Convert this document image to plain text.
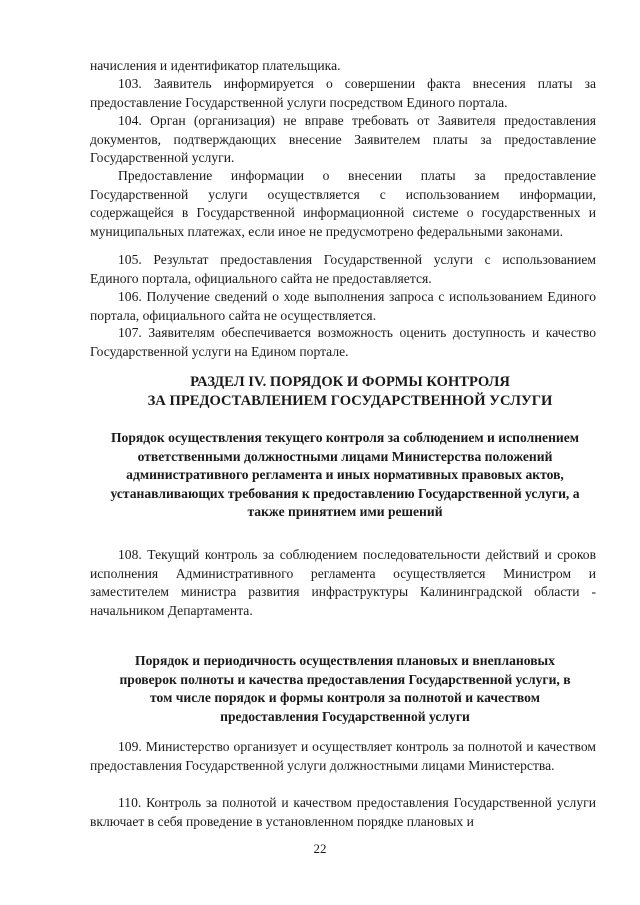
начисления и идентификатор плательщика.

103. Заявитель информируется о совершении факта внесения платы за предоставление Государственной услуги посредством Единого портала.

104. Орган (организация) не вправе требовать от Заявителя предоставления документов, подтверждающих внесение Заявителем платы за предоставление Государственной услуги.

Предоставление информации о внесении платы за предоставление Государственной услуги осуществляется с использованием информации, содержащейся в Государственной информационной системе о государственных и муниципальных платежах, если иное не предусмотрено федеральными законами.

105. Результат предоставления Государственной услуги с использованием Единого портала, официального сайта не предоставляется.

106. Получение сведений о ходе выполнения запроса с использованием Единого портала, официального сайта не осуществляется.

107. Заявителям обеспечивается возможность оценить доступность и качество Государственной услуги на Едином портале.

РАЗДЕЛ IV. ПОРЯДОК И ФОРМЫ КОНТРОЛЯ
ЗА ПРЕДОСТАВЛЕНИЕМ ГОСУДАРСТВЕННОЙ УСЛУГИ
Порядок осуществления текущего контроля за соблюдением и исполнением ответственными должностными лицами Министерства положений административного регламента и иных нормативных правовых актов, устанавливающих требования к предоставлению Государственной услуги, а также принятием ими решений

108. Текущий контроль за соблюдением последовательности действий и сроков исполнения Административного регламента осуществляется Министром и заместителем министра развития инфраструктуры Калининградской области - начальником Департамента.

Порядок и периодичность осуществления плановых и внеплановых проверок полноты и качества предоставления Государственной услуги, в том числе порядок и формы контроля за полнотой и качеством предоставления Государственной услуги

109. Министерство организует и осуществляет контроль за полнотой и качеством предоставления Государственной услуги должностными лицами Министерства.

110. Контроль за полнотой и качеством предоставления Государственной услуги включает в себя проведение в установленном порядке плановых и

22
